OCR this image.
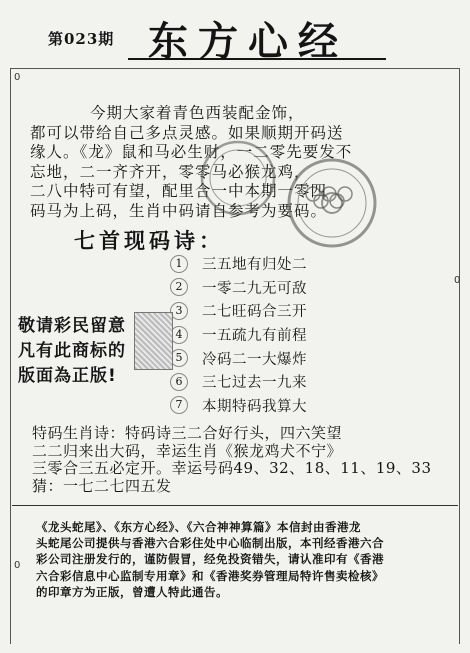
第023期 东方心经
0
0
0
今期大家着青色西装配金饰，
都可以带给自己多点灵感。如果顺期开码送
缘人。《龙》鼠和马必生财，一二零先要发不
忘地，二一齐齐开，零零马必猴龙鸡，
二八中特可有望，配里合一中本期一零四
码马为上码，生肖中码请自参考为要码。
七首现码诗：
1	三五地有归处二
2	一零二九无可敌
3	二七旺码合三开
4	一五疏九有前程
5	冷码二一大爆炸
6	三七过去一九来
7	本期特码我算大
敬请彩民留意
凡有此商标的
版面為正版!
特码生肖诗：特码诗三二合好行头，四六笑望
二二归来出大码，幸运生肖《猴龙鸡犬不宁》
三零合三五必定开。幸运号码49、32、18、11、19、33
猜：一七二七四五发
《龙头蛇尾》、《东方心经》、《六合神神算篇》本信封由香港龙
头蛇尾公司提供与香港六合彩住处中心临制出版，本刊经香港六合
彩公司注册发行的，谨防假冒，经免投资错失，请认准印有《香港
六合彩信息中心监制专用章》和《香港奖券管理局特许售卖检核》
的印章方为正版，曾遭人特此通告。
